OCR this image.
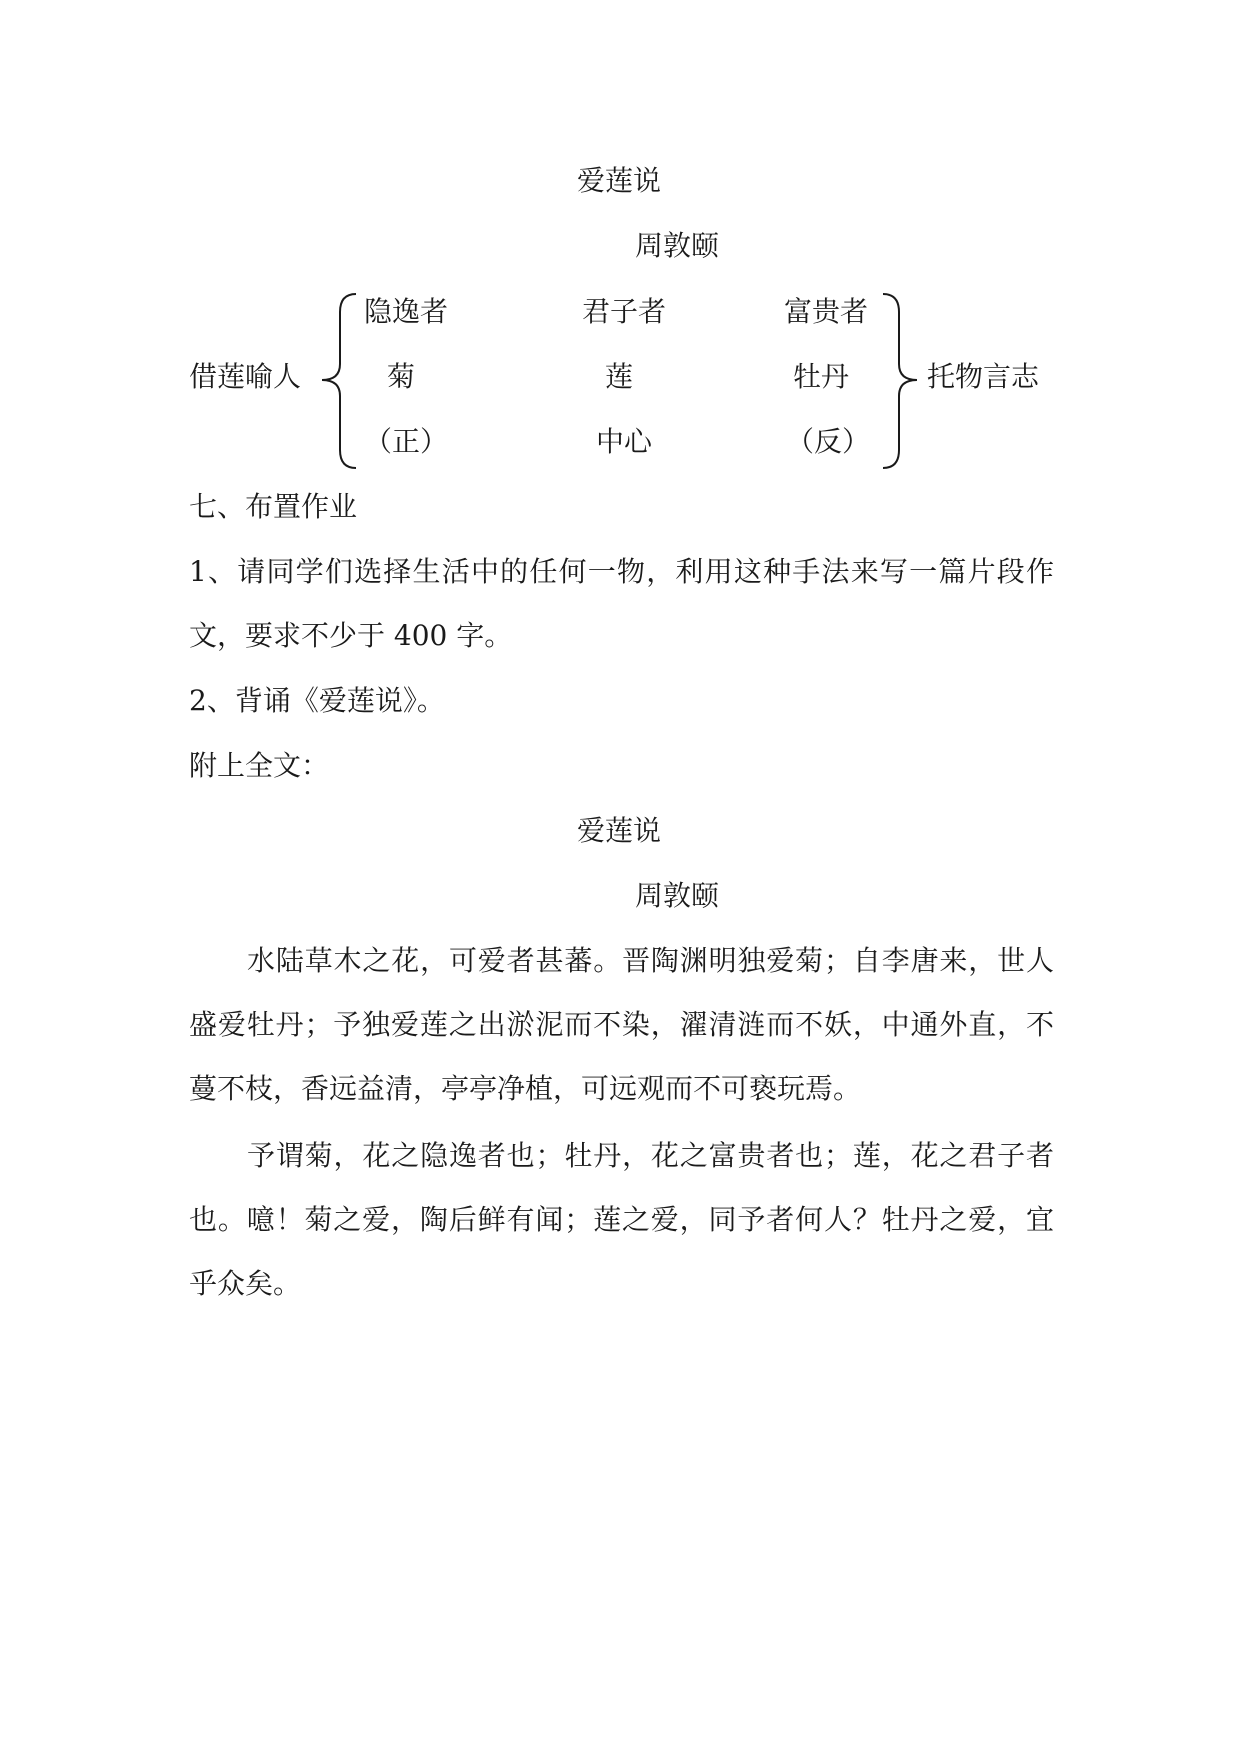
爱莲说
周敦颐
借莲喻人
隐逸者	君子者	富贵者
菊	莲	牡丹
（正）	中心	（反）
托物言志
七、布置作业
1、请同学们选择生活中的任何一物，利用这种手法来写一篇片段作文，要求不少于 400 字。
2、背诵《爱莲说》。
附上全文：
爱莲说
周敦颐
水陆草木之花，可爱者甚蕃。晋陶渊明独爱菊；自李唐来，世人盛爱牡丹；予独爱莲之出淤泥而不染，濯清涟而不妖，中通外直，不蔓不枝，香远益清，亭亭净植，可远观而不可亵玩焉。
予谓菊，花之隐逸者也；牡丹，花之富贵者也；莲，花之君子者也。噫！菊之爱，陶后鲜有闻；莲之爱，同予者何人？牡丹之爱，宜乎众矣。
